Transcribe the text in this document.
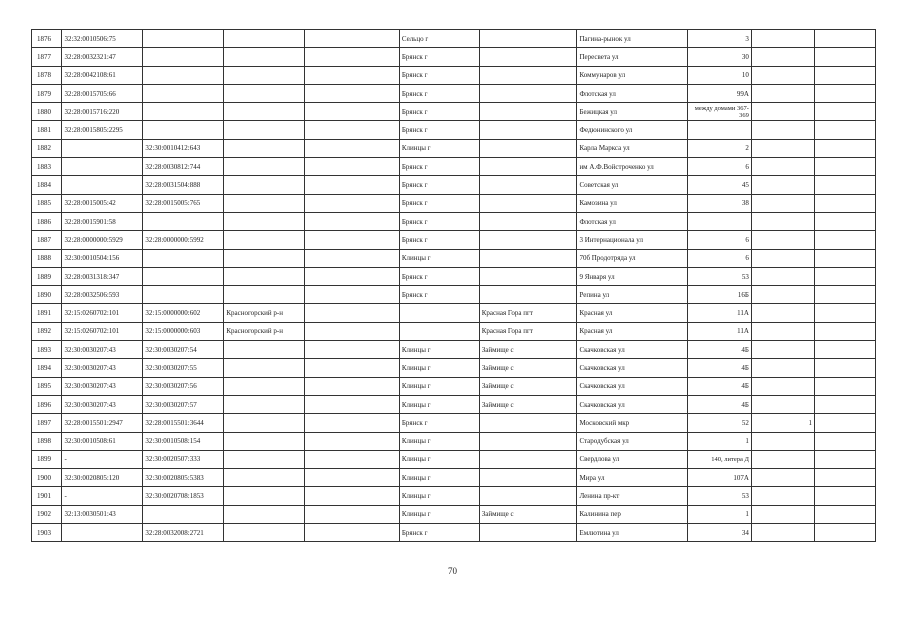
1876	32:32:0010506:75				Сельцо г		Пагина-рынок ул	3		
1877	32:28:0032321:47				Брянск г		Пересвета ул	30		
1878	32:28:0042108:61				Брянск г		Коммунаров ул	10		
1879	32:28:0015705:66				Брянск г		Флотская ул	99А		
1880	32:28:0015716:220				Брянск г		Бежицкая ул	между домами 367-369		
1881	32:28:0015805:2295				Брянск г		Федюнинского ул			
1882		32:30:0010412:643			Клинцы г		Карла Маркса ул	2		
1883		32:28:0030812:744			Брянск г		им А.Ф.Войстроченко ул	6		
1884		32:28:0031504:888			Брянск г		Советская ул	45		
1885	32:28:0015005:42	32:28:0015005:765			Брянск г		Камозина ул	38		
1886	32:28:0015901:58				Брянск г		Флотская ул			
1887	32:28:0000000:5929	32:28:0000000:5992			Брянск г		3 Интернационала ул	6		
1888	32:30:0010504:156				Клинцы г		70б Продотряда ул	6		
1889	32:28:0031318:347				Брянск г		9 Января ул	53		
1890	32:28:0032506:593				Брянск г		Репина ул	16Б		
1891	32:15:0260702:101	32:15:0000000:602	Красногорский р-н			Красная Гора пгт	Красная ул	11А		
1892	32:15:0260702:101	32:15:0000000:603	Красногорский р-н			Красная Гора пгт	Красная ул	11А		
1893	32:30:0030207:43	32:30:0030207:54			Клинцы г	Займище с	Скачковская ул	4Б		
1894	32:30:0030207:43	32:30:0030207:55			Клинцы г	Займище с	Скачковская ул	4Б		
1895	32:30:0030207:43	32:30:0030207:56			Клинцы г	Займище с	Скачковская ул	4Б		
1896	32:30:0030207:43	32:30:0030207:57			Клинцы г	Займище с	Скачковская ул	4Б		
1897	32:28:0015501:2947	32:28:0015501:3644			Брянск г		Московский мкр	52	1	
1898	32:30:0010508:61	32:30:0010508:154			Клинцы г		Стародубская ул	1		
1899	-	32:30:0020507:333			Клинцы г		Свердлова ул	140, литера Д		
1900	32:30:0020805:120	32:30:0020805:5383			Клинцы г		Мира ул	107А		
1901	-	32:30:0020708:1853			Клинцы г		Ленина пр-кт	53		
1902	32:13:0030501:43				Клинцы г	Займище с	Калинина пер	1		
1903		32:28:0032008:2721			Брянск г		Емлютина ул	34		
70
